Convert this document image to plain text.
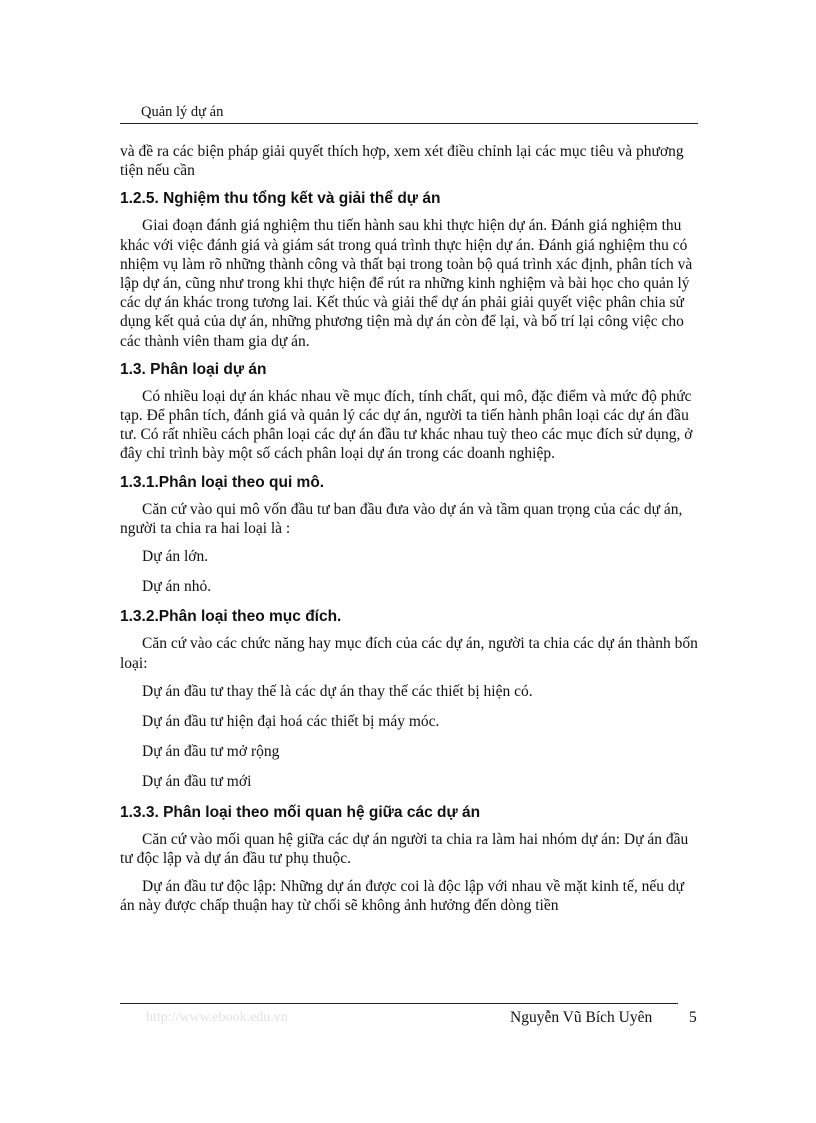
Quản lý dự án

và đề ra các biện pháp giải quyết thích hợp, xem xét điều chỉnh lại các mục tiêu và phương tiện nếu cần

1.2.5. Nghiệm thu tổng kết và giải thể dự án

Giai đoạn đánh giá nghiệm thu tiến hành sau khi thực hiện dự án. Đánh giá nghiệm thu khác với việc đánh giá và giám sát trong quá trình thực hiện dự án. Đánh giá nghiệm thu có nhiệm vụ làm rõ những thành công và thất bại trong toàn bộ quá trình xác định, phân tích và lập dự án, cũng như trong khi thực hiện để rút ra những kinh nghiệm và bài học cho quản lý các dự án khác trong tương lai. Kết thúc và giải thể dự án phải giải quyết việc phân chia sử dụng kết quả của dự án, những phương tiện mà dự án còn để lại, và bố trí lại công việc cho các thành viên tham gia dự án.

1.3. Phân loại dự án

Có nhiều loại dự án khác nhau về mục đích, tính chất, qui mô, đặc điểm và mức độ phức tạp. Để phân tích, đánh giá và quản lý các dự án, người ta tiến hành phân loại các dự án đầu tư. Có rất nhiều cách phân loại các dự án đầu tư khác nhau tuỳ theo các mục đích sử dụng, ở đây chỉ trình bày một số cách phân loại dự án trong các doanh nghiệp.

1.3.1.Phân loại theo qui mô.

Căn cứ vào qui mô vốn đầu tư ban đầu đưa vào dự án và tầm quan trọng của các dự án, người ta chia ra hai loại là :

Dự án lớn.

Dự án nhỏ.

1.3.2.Phân loại theo mục đích.

Căn cứ vào các chức năng hay mục đích của các dự án, người ta chia các dự án thành bốn loại:

Dự án đầu tư thay thế là các dự án thay thế các thiết bị hiện có.

Dự án đầu tư hiện đại hoá các thiết bị máy móc.

Dự án đầu tư mở rộng

Dự án đầu tư mới

1.3.3. Phân loại theo mối quan hệ giữa các dự án

Căn cứ vào mối quan hệ giữa các dự án người ta chia ra làm hai nhóm dự án: Dự án đầu tư độc lập và dự án đầu tư phụ thuộc.

Dự án đầu tư độc lập: Những dự án được coi là độc lập với nhau về mặt kinh tế, nếu dự án này được chấp thuận hay từ chối sẽ không ảnh hưởng đến dòng tiền

http://www.ebook.edu.vn	Nguyễn Vũ Bích Uyên 5
